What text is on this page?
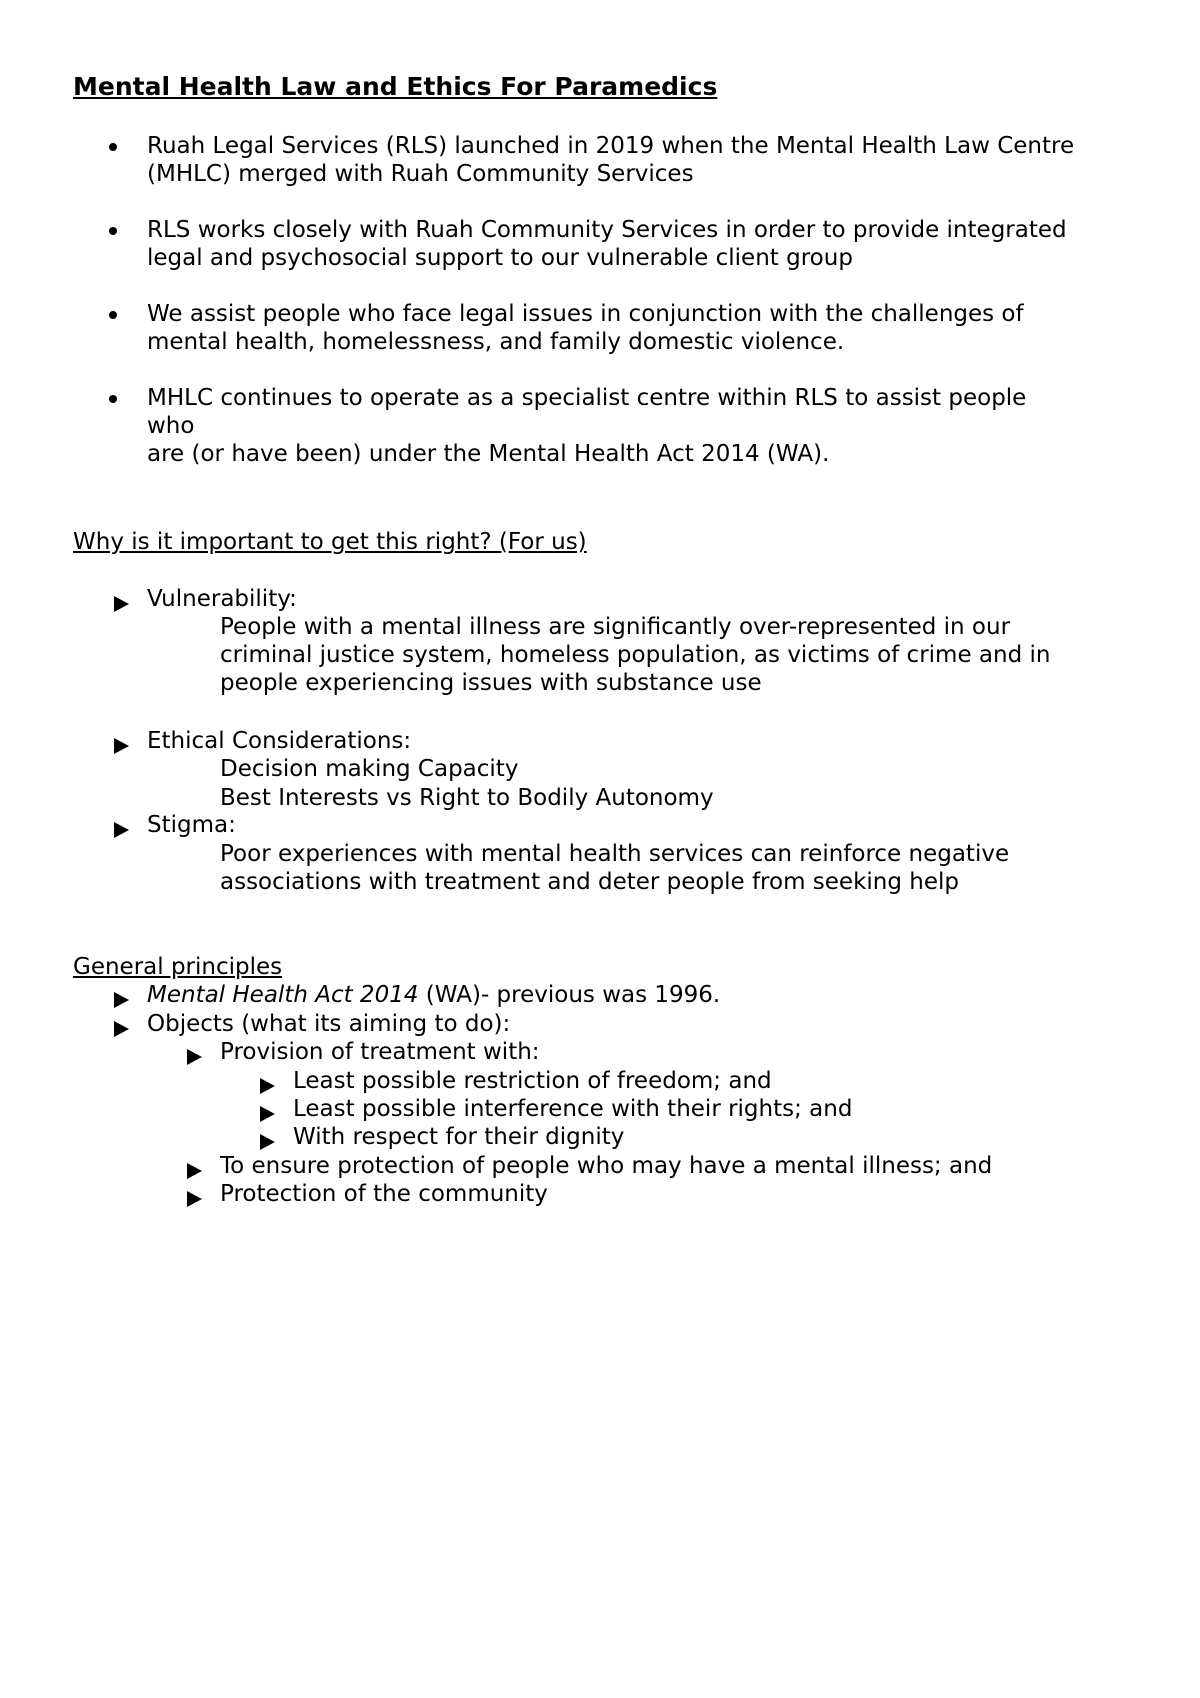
Mental Health Law and Ethics For Paramedics
Ruah Legal Services (RLS) launched in 2019 when the Mental Health Law Centre
(MHLC) merged with Ruah Community Services
RLS works closely with Ruah Community Services in order to provide integrated
legal and psychosocial support to our vulnerable client group
We assist people who face legal issues in conjunction with the challenges of
mental health, homelessness, and family domestic violence.
MHLC continues to operate as a specialist centre within RLS to assist people
who
are (or have been) under the Mental Health Act 2014 (WA).
Why is it important to get this right? (For us)
Vulnerability:
People with a mental illness are significantly over-represented in our
criminal justice system, homeless population, as victims of crime and in
people experiencing issues with substance use
Ethical Considerations:
Decision making Capacity
Best Interests vs Right to Bodily Autonomy
Stigma:
Poor experiences with mental health services can reinforce negative
associations with treatment and deter people from seeking help
General principles
Mental Health Act 2014 (WA)- previous was 1996.
Objects (what its aiming to do):
Provision of treatment with:
Least possible restriction of freedom; and
Least possible interference with their rights; and
With respect for their dignity
To ensure protection of people who may have a mental illness; and
Protection of the community
